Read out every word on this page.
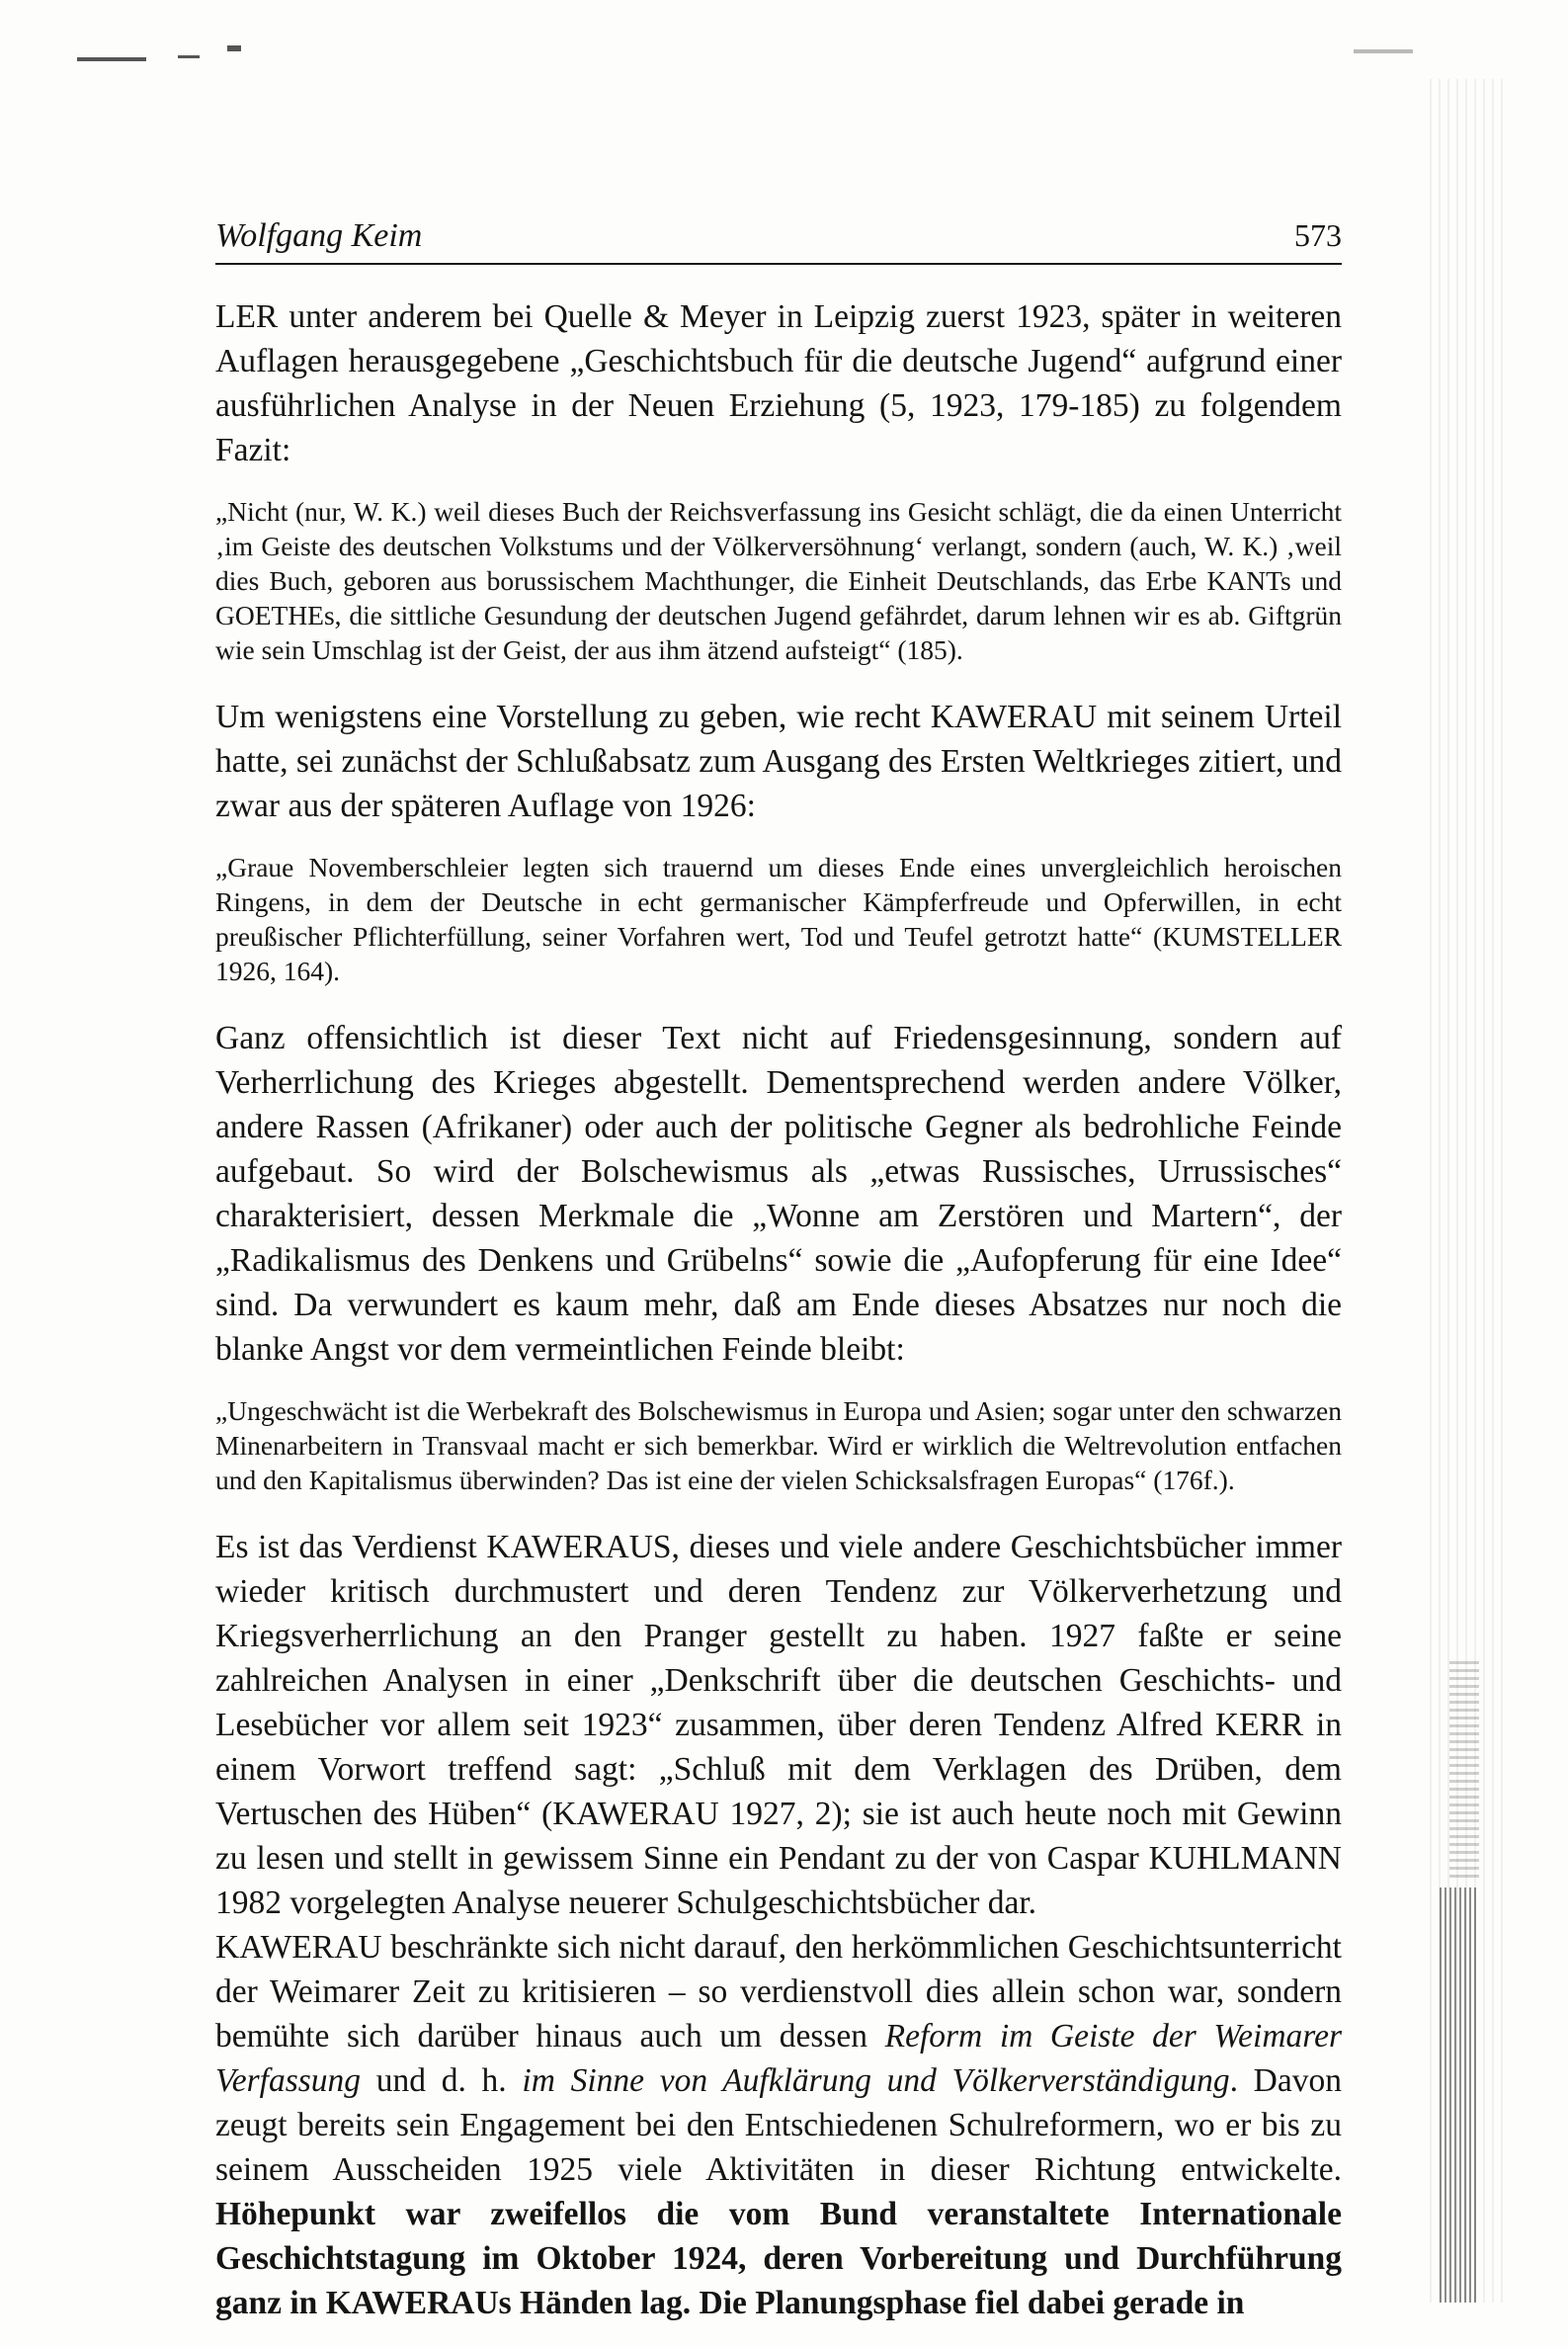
Wolfgang Keim	573

LER unter anderem bei Quelle & Meyer in Leipzig zuerst 1923, später in weiteren Auflagen herausgegebene „Geschichtsbuch für die deutsche Jugend“ aufgrund einer ausführlichen Analyse in der Neuen Erziehung (5, 1923, 179-185) zu folgendem Fazit:

„Nicht (nur, W. K.) weil dieses Buch der Reichsverfassung ins Gesicht schlägt, die da einen Unterricht ‚im Geiste des deutschen Volkstums und der Völkerversöhnung‘ verlangt, sondern (auch, W. K.) ‚weil dies Buch, geboren aus borussischem Machthunger, die Einheit Deutschlands, das Erbe KANTs und GOETHEs, die sittliche Gesundung der deutschen Jugend gefährdet, darum lehnen wir es ab. Giftgrün wie sein Umschlag ist der Geist, der aus ihm ätzend aufsteigt“ (185).

Um wenigstens eine Vorstellung zu geben, wie recht KAWERAU mit seinem Urteil hatte, sei zunächst der Schlußabsatz zum Ausgang des Ersten Weltkrieges zitiert, und zwar aus der späteren Auflage von 1926:

„Graue Novemberschleier legten sich trauernd um dieses Ende eines unvergleichlich heroischen Ringens, in dem der Deutsche in echt germanischer Kämpferfreude und Opferwillen, in echt preußischer Pflichterfüllung, seiner Vorfahren wert, Tod und Teufel getrotzt hatte“ (KUMSTELLER 1926, 164).

Ganz offensichtlich ist dieser Text nicht auf Friedensgesinnung, sondern auf Verherrlichung des Krieges abgestellt. Dementsprechend werden andere Völker, andere Rassen (Afrikaner) oder auch der politische Gegner als bedrohliche Feinde aufgebaut. So wird der Bolschewismus als „etwas Russisches, Urrussisches“ charakterisiert, dessen Merkmale die „Wonne am Zerstören und Martern“, der „Radikalismus des Denkens und Grübelns“ sowie die „Aufopferung für eine Idee“ sind. Da verwundert es kaum mehr, daß am Ende dieses Absatzes nur noch die blanke Angst vor dem vermeintlichen Feinde bleibt:

„Ungeschwächt ist die Werbekraft des Bolschewismus in Europa und Asien; sogar unter den schwarzen Minenarbeitern in Transvaal macht er sich bemerkbar. Wird er wirklich die Weltrevolution entfachen und den Kapitalismus überwinden? Das ist eine der vielen Schicksalsfragen Europas“ (176f.).

Es ist das Verdienst KAWERAUS, dieses und viele andere Geschichtsbücher immer wieder kritisch durchmustert und deren Tendenz zur Völkerverhetzung und Kriegsverherrlichung an den Pranger gestellt zu haben. 1927 faßte er seine zahlreichen Analysen in einer „Denkschrift über die deutschen Geschichts- und Lesebücher vor allem seit 1923“ zusammen, über deren Tendenz Alfred KERR in einem Vorwort treffend sagt: „Schluß mit dem Verklagen des Drüben, dem Vertuschen des Hüben“ (KAWERAU 1927, 2); sie ist auch heute noch mit Gewinn zu lesen und stellt in gewissem Sinne ein Pendant zu der von Caspar KUHLMANN 1982 vorgelegten Analyse neuerer Schulgeschichtsbücher dar.

KAWERAU beschränkte sich nicht darauf, den herkömmlichen Geschichtsunterricht der Weimarer Zeit zu kritisieren – so verdienstvoll dies allein schon war, sondern bemühte sich darüber hinaus auch um dessen Reform im Geiste der Weimarer Verfassung und d. h. im Sinne von Aufklärung und Völkerverständigung. Davon zeugt bereits sein Engagement bei den Entschiedenen Schulreformern, wo er bis zu seinem Ausscheiden 1925 viele Aktivitäten in dieser Richtung entwickelte. Höhepunkt war zweifellos die vom Bund veranstaltete Internationale Geschichtstagung im Oktober 1924, deren Vorbereitung und Durchführung ganz in KAWERAUs Händen lag. Die Planungsphase fiel dabei gerade in
